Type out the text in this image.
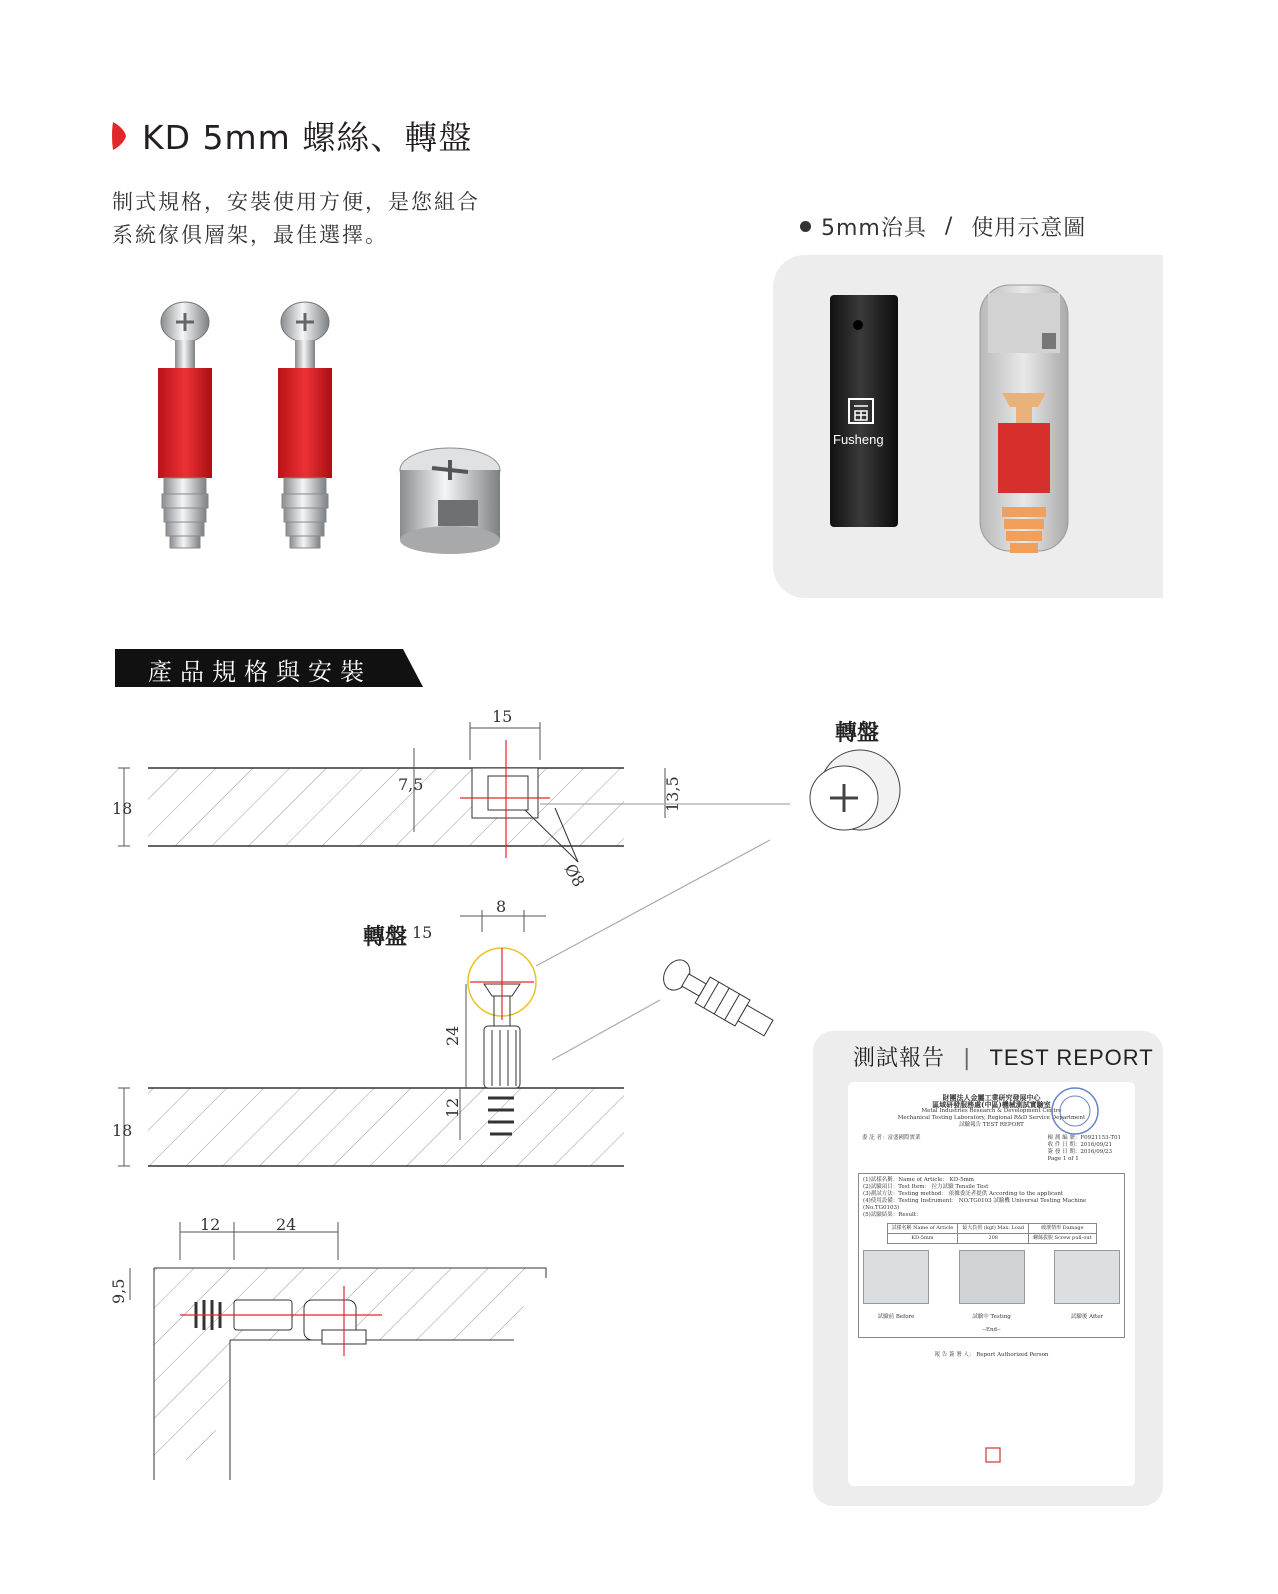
KD 5mm 螺絲、轉盤
制式規格，安裝使用方便，是您組合
系統傢俱層架，最佳選擇。	5mm治具 / 使用示意圖
Fusheng
產品規格與安裝
15
7,5	13,5
18
Ø8
8
15
24
12
18
12	24
9,5
轉盤
轉盤
測試報告 | TEST REPORT
財團法人金屬工業研究發展中心
區域研發服務處(中區)機械測試實驗室
Metal Industries Research & Development Centre
Mechanical Testing Laboratory, Regional R&D Service Department
試驗報告 TEST REPORT
委 託 者：富盛國際實業	檢 測 編 號：F0921153-T01
收 件 日 期：2016/09/21
簽 發 日 期：2016/09/23
Page 1 of 1
(1)試樣名稱：Name of Article： KD-5mm
(2)試驗項目：Test Item： 拉力試驗 Tensile Test
(3)測試方法：Testing method： 依據委託者提供 According to the applicant
(4)使用設備：Testing Instrument： NO.TG0103 試驗機 Universal Testing Machine (No.TG0103)
(5)試驗結果：Result：
試樣名稱 Name of Article	最大負荷 (kgf) Max. Load	破壞情形 Damage
KD-5mm	208	螺絲拔脫 Screw pull-out
試驗前 Before	試驗中 Testing	試驗後 After
--End--
報 告 簽 署 人： Report Authorized Person
